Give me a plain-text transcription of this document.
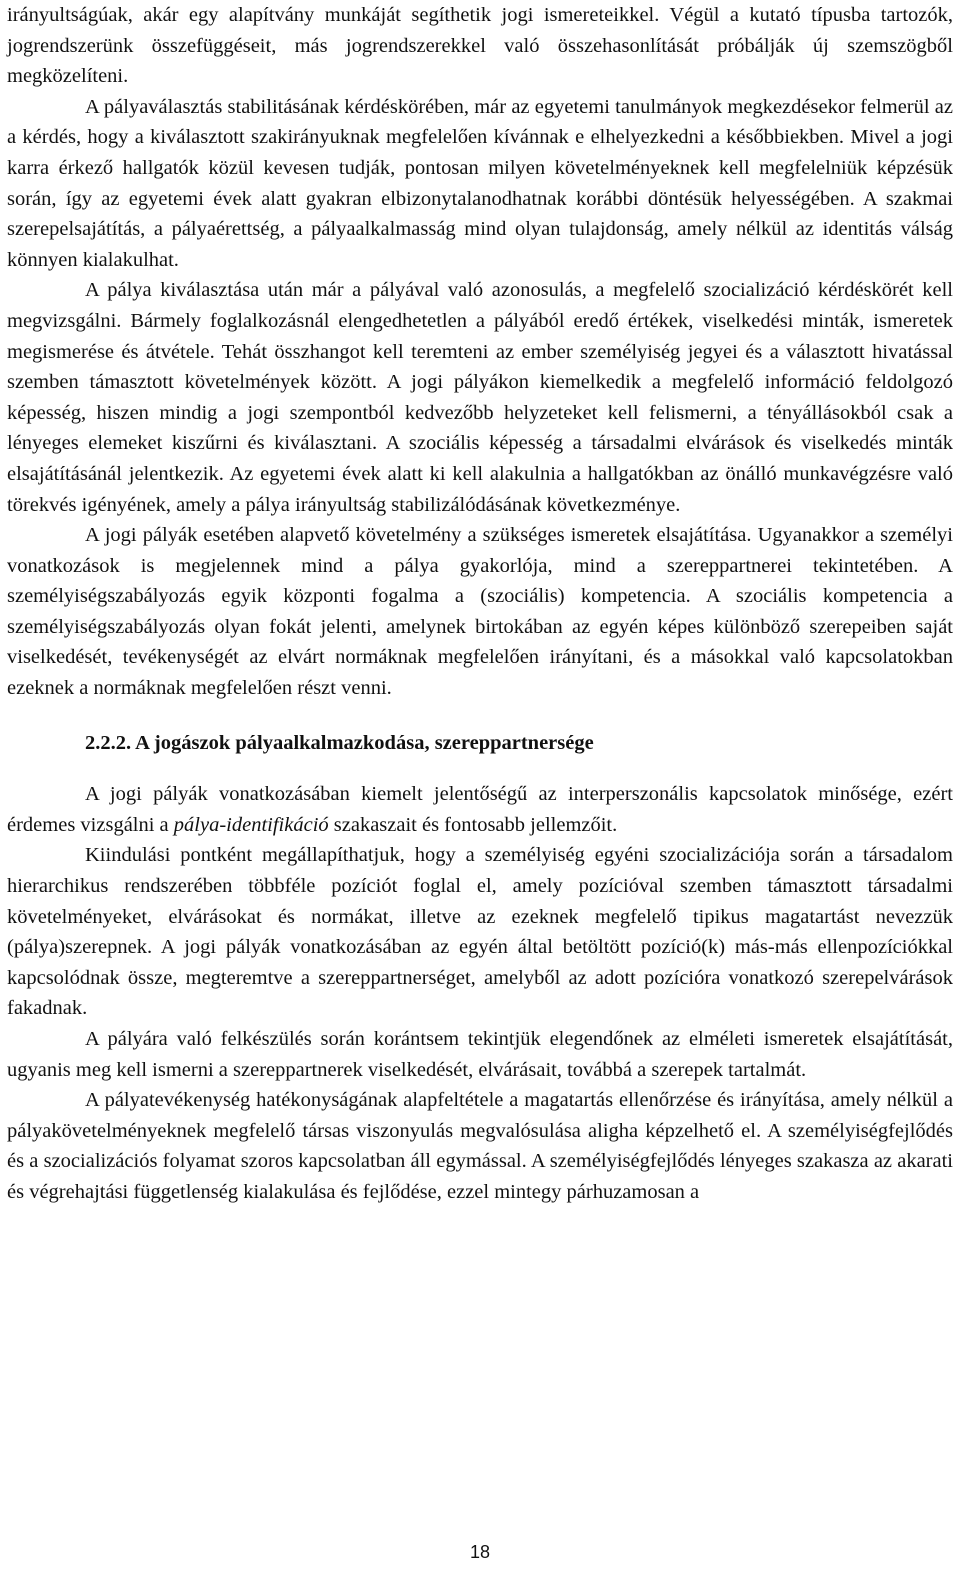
irányultságúak, akár egy alapítvány munkáját segíthetik jogi ismereteikkel. Végül a kutató típusba tartozók, jogrendszerünk összefüggéseit, más jogrendszerekkel való összehasonlítását próbálják új szemszögből megközelíteni.

A pályaválasztás stabilitásának kérdéskörében, már az egyetemi tanulmányok megkezdésekor felmerül az a kérdés, hogy a kiválasztott szakirányuknak megfelelően kívánnak e elhelyezkedni a későbbiekben. Mivel a jogi karra érkező hallgatók közül kevesen tudják, pontosan milyen követelményeknek kell megfelelniük képzésük során, így az egyetemi évek alatt gyakran elbizonytalanodhatnak korábbi döntésük helyességében. A szakmai szerepelsajátítás, a pályaérettség, a pályaalkalmasság mind olyan tulajdonság, amely nélkül az identitás válság könnyen kialakulhat.

A pálya kiválasztása után már a pályával való azonosulás, a megfelelő szocializáció kérdéskörét kell megvizsgálni. Bármely foglalkozásnál elengedhetetlen a pályából eredő értékek, viselkedési minták, ismeretek megismerése és átvétele. Tehát összhangot kell teremteni az ember személyiség jegyei és a választott hivatással szemben támasztott követelmények között. A jogi pályákon kiemelkedik a megfelelő információ feldolgozó képesség, hiszen mindig a jogi szempontból kedvezőbb helyzeteket kell felismerni, a tényállásokból csak a lényeges elemeket kiszűrni és kiválasztani. A szociális képesség a társadalmi elvárások és viselkedés minták elsajátításánál jelentkezik. Az egyetemi évek alatt ki kell alakulnia a hallgatókban az önálló munkavégzésre való törekvés igényének, amely a pálya irányultság stabilizálódásának következménye.

A jogi pályák esetében alapvető követelmény a szükséges ismeretek elsajátítása. Ugyanakkor a személyi vonatkozások is megjelennek mind a pálya gyakorlója, mind a szereppartnerei tekintetében. A személyiségszabályozás egyik központi fogalma a (szociális) kompetencia. A szociális kompetencia a személyiségszabályozás olyan fokát jelenti, amelynek birtokában az egyén képes különböző szerepeiben saját viselkedését, tevékenységét az elvárt normáknak megfelelően irányítani, és a másokkal való kapcsolatokban ezeknek a normáknak megfelelően részt venni.

2.2.2. A jogászok pályaalkalmazkodása, szereppartnersége

A jogi pályák vonatkozásában kiemelt jelentőségű az interperszonális kapcsolatok minősége, ezért érdemes vizsgálni a pálya-identifikáció szakaszait és fontosabb jellemzőit.

Kiindulási pontként megállapíthatjuk, hogy a személyiség egyéni szocializációja során a társadalom hierarchikus rendszerében többféle pozíciót foglal el, amely pozícióval szemben támasztott társadalmi követelményeket, elvárásokat és normákat, illetve az ezeknek megfelelő tipikus magatartást nevezzük (pálya)szerepnek. A jogi pályák vonatkozásában az egyén által betöltött pozíció(k) más-más ellenpozíciókkal kapcsolódnak össze, megteremtve a szereppartnerséget, amelyből az adott pozícióra vonatkozó szerepelvárások fakadnak.

A pályára való felkészülés során korántsem tekintjük elegendőnek az elméleti ismeretek elsajátítását, ugyanis meg kell ismerni a szereppartnerek viselkedését, elvárásait, továbbá a szerepek tartalmát.

A pályatevékenység hatékonyságának alapfeltétele a magatartás ellenőrzése és irányítása, amely nélkül a pályakövetelményeknek megfelelő társas viszonyulás megvalósulása aligha képzelhető el. A személyiségfejlődés és a szocializációs folyamat szoros kapcsolatban áll egymással. A személyiségfejlődés lényeges szakasza az akarati és végrehajtási függetlenség kialakulása és fejlődése, ezzel mintegy párhuzamosan a

18
